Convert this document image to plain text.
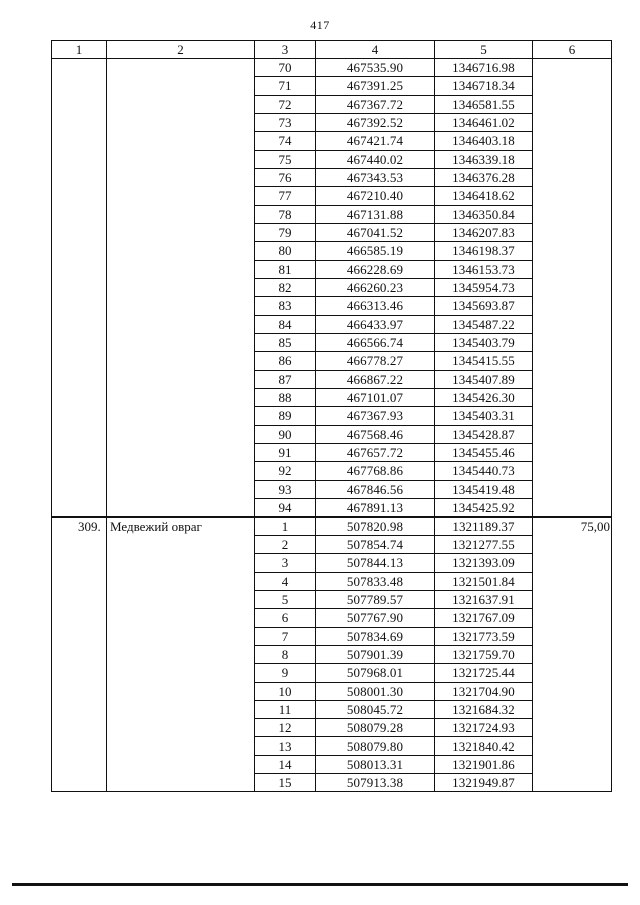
417
1	2	3	4	5	6
		70	467535.90	1346716.98	
		71	467391.25	1346718.34	
		72	467367.72	1346581.55	
		73	467392.52	1346461.02	
		74	467421.74	1346403.18	
		75	467440.02	1346339.18	
		76	467343.53	1346376.28	
		77	467210.40	1346418.62	
		78	467131.88	1346350.84	
		79	467041.52	1346207.83	
		80	466585.19	1346198.37	
		81	466228.69	1346153.73	
		82	466260.23	1345954.73	
		83	466313.46	1345693.87	
		84	466433.97	1345487.22	
		85	466566.74	1345403.79	
		86	466778.27	1345415.55	
		87	466867.22	1345407.89	
		88	467101.07	1345426.30	
		89	467367.93	1345403.31	
		90	467568.46	1345428.87	
		91	467657.72	1345455.46	
		92	467768.86	1345440.73	
		93	467846.56	1345419.48	
		94	467891.13	1345425.92	
309.	Медвежий овраг	1	507820.98	1321189.37	75,00
		2	507854.74	1321277.55	
		3	507844.13	1321393.09	
		4	507833.48	1321501.84	
		5	507789.57	1321637.91	
		6	507767.90	1321767.09	
		7	507834.69	1321773.59	
		8	507901.39	1321759.70	
		9	507968.01	1321725.44	
		10	508001.30	1321704.90	
		11	508045.72	1321684.32	
		12	508079.28	1321724.93	
		13	508079.80	1321840.42	
		14	508013.31	1321901.86	
		15	507913.38	1321949.87	
